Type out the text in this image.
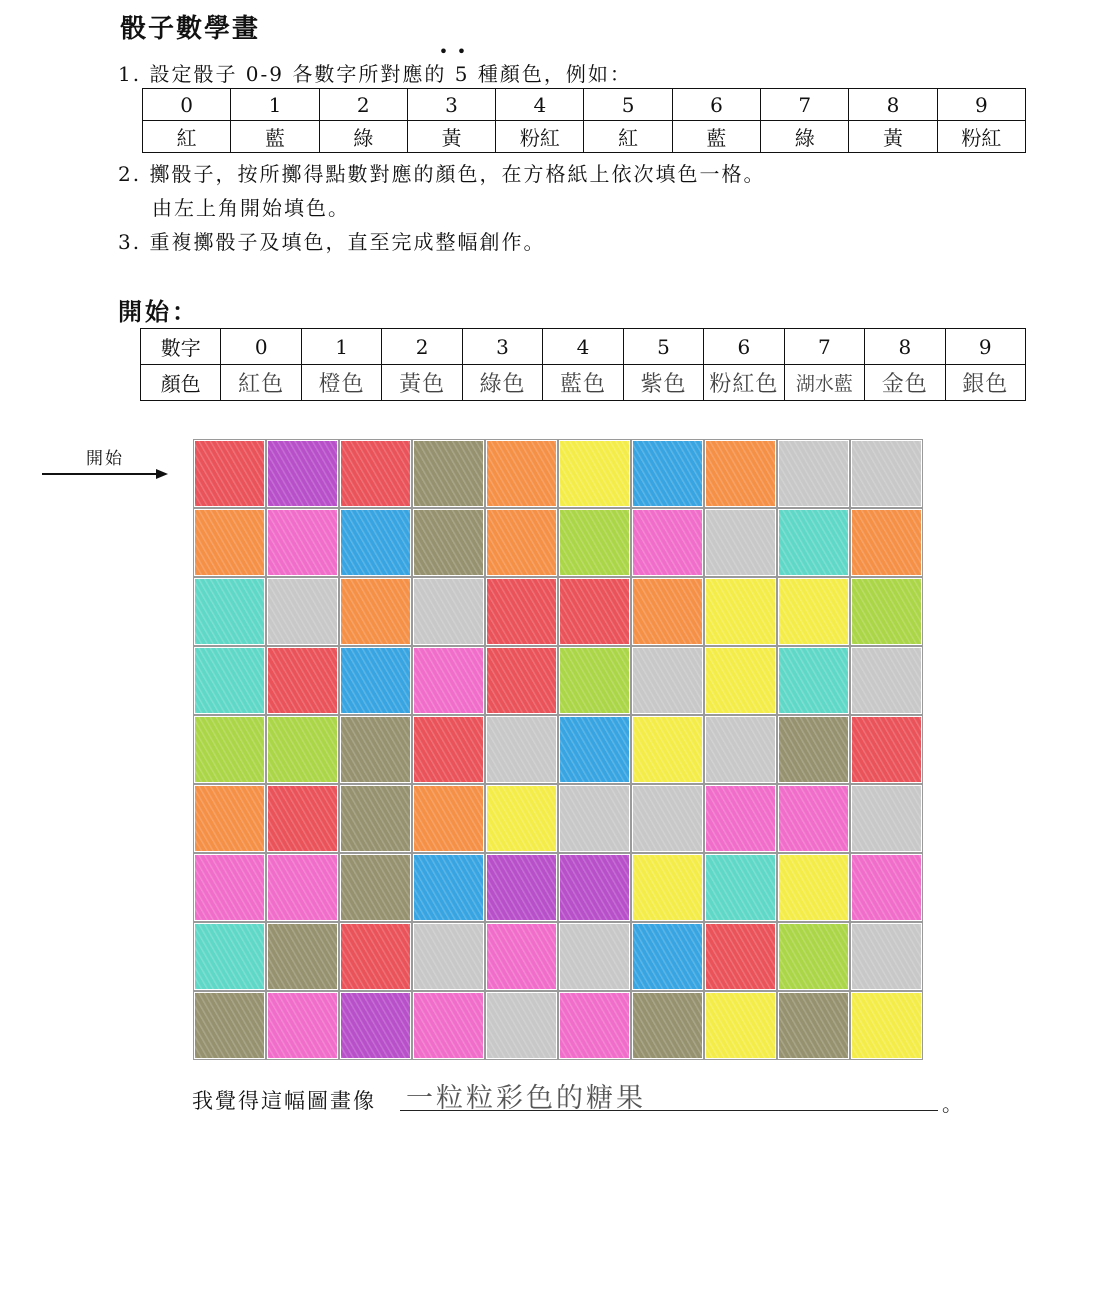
骰子數學畫
1. 設定骰子 0-9 各數字所對應的 • 5 • 種顏色，例如：
0	1	2	3	4	5	6	7	8	9
紅	藍	綠	黃	粉紅	紅	藍	綠	黃	粉紅
2. 擲骰子，按所擲得點數對應的顏色，在方格紙上依次填色一格。
由左上角開始填色。
3. 重複擲骰子及填色，直至完成整幅創作。
開始：
數字	0	1	2	3	4	5	6	7	8	9
顏色	紅色	橙色	黃色	綠色	藍色	紫色	粉紅色	湖水藍	金色	銀色
開始
我覺得這幅圖畫像 一粒粒彩色的糖果	。
